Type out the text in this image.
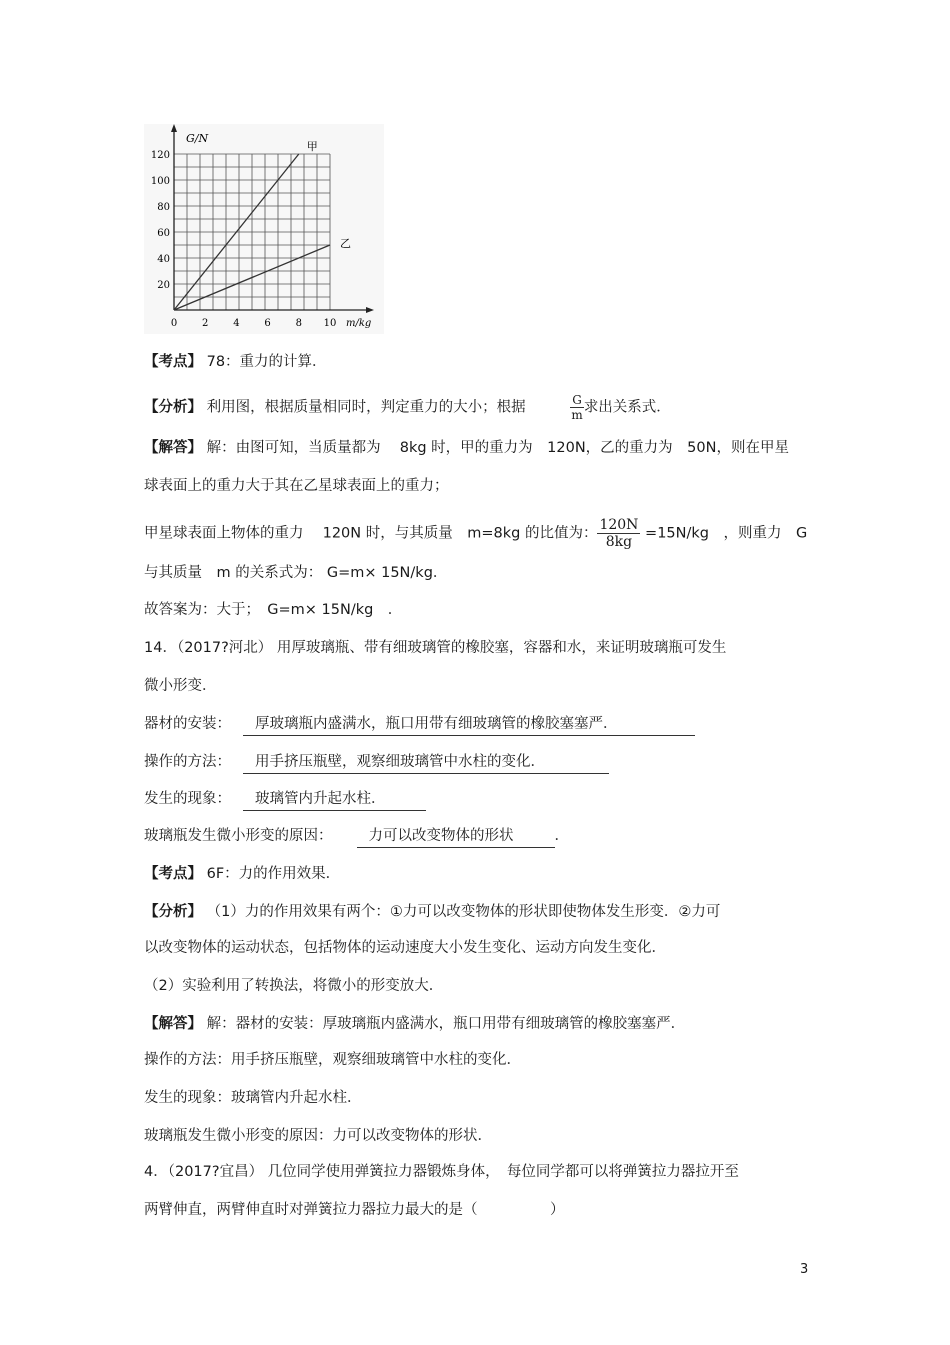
0 2 4 6 8 10
20
40
60
80
100
120
甲
乙
G/N
m/kg
【考点】 78：重力的计算．
【分析】 利用图，根据质量相同时，判定重力的大小；根据	$\frac{G}{m}$ 求出关系式．
【解答】 解：由图可知，当质量都为　 8kg 时，甲的重力为　120N，乙的重力为　50N，则在甲星
球表面上的重力大于其在乙星球表面上的重力；
甲星球表面上物体的重力　 120N 时，与其质量　m=8kg 的比值为： $\frac{120N}{8kg} =15N/kg$　，则重力　G
与其质量　m 的关系式为： G=m× 15N/kg．
故答案为：大于；　G=m× 15N/kg　．
14．（2017?河北） 用厚玻璃瓶、带有细玻璃管的橡胶塞，容器和水，来证明玻璃瓶可发生
微小形变．
器材的安装： 厚玻璃瓶内盛满水，瓶口用带有细玻璃管的橡胶塞塞严．
操作的方法： 用手挤压瓶壁，观察细玻璃管中水柱的变化．
发生的现象： 玻璃管内升起水柱．
玻璃瓶发生微小形变的原因： 力可以改变物体的形状	．
【考点】 6F：力的作用效果．
【分析】 （1）力的作用效果有两个：①力可以改变物体的形状即使物体发生形变．②力可
以改变物体的运动状态，包括物体的运动速度大小发生变化、运动方向发生变化．
（2）实验利用了转换法，将微小的形变放大．
【解答】 解：器材的安装：厚玻璃瓶内盛满水，瓶口用带有细玻璃管的橡胶塞塞严．
操作的方法：用手挤压瓶壁，观察细玻璃管中水柱的变化．
发生的现象：玻璃管内升起水柱．
玻璃瓶发生微小形变的原因：力可以改变物体的形状．
4．（2017?宜昌） 几位同学使用弹簧拉力器锻炼身体，　每位同学都可以将弹簧拉力器拉开至
两臂伸直，两臂伸直时对弹簧拉力器拉力最大的是（　　　　　）
3
